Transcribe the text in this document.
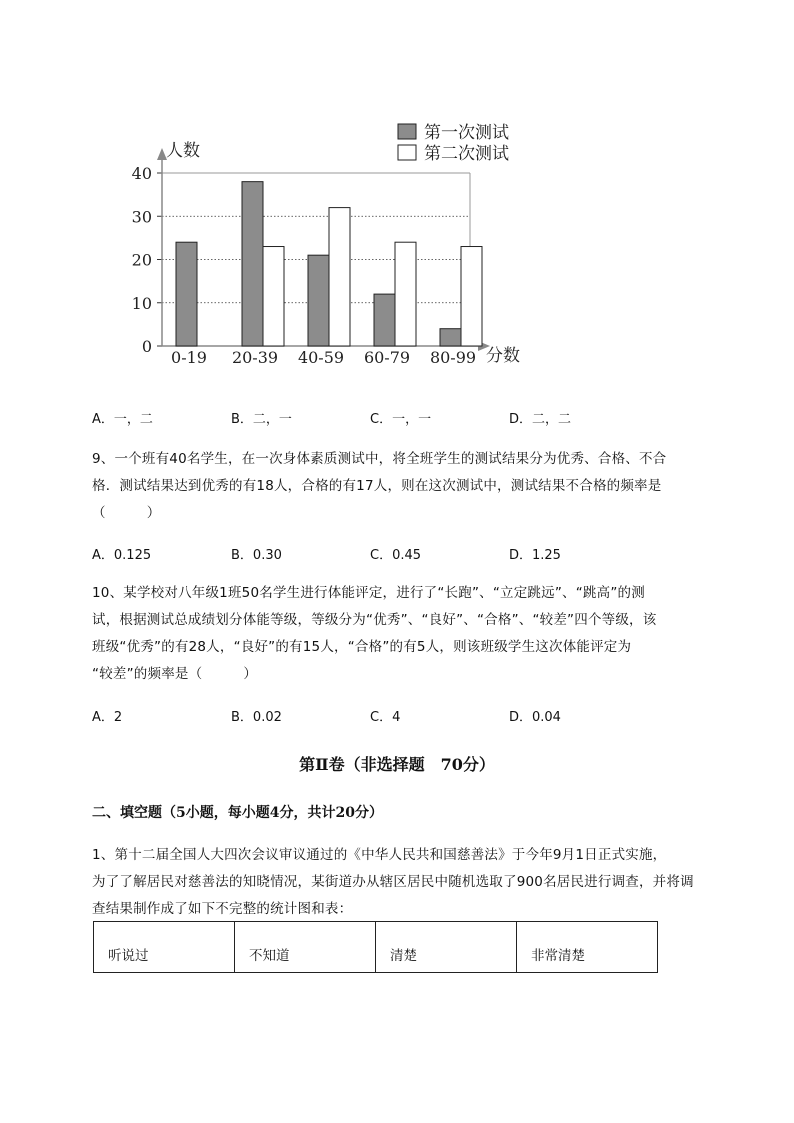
0
10
20
30
40
人数
分数
0-19 20-39 40-59 60-79 80-99
第一次测试
第二次测试
A．一，二	B．二，一	C．一，一	D．二，二

9、一个班有40名学生，在一次身体素质测试中，将全班学生的测试结果分为优秀、合格、不合

格．测试结果达到优秀的有18人，合格的有17人，则在这次测试中，测试结果不合格的频率是

（　　　）

A．0.125	B．0.30	C．0.45	D．1.25

10、某学校对八年级1班50名学生进行体能评定，进行了“长跑”、“立定跳远”、“跳高”的测

试，根据测试总成绩划分体能等级，等级分为“优秀”、“良好”、“合格”、“较差”四个等级，该

班级“优秀”的有28人，“良好”的有15人，“合格”的有5人，则该班级学生这次体能评定为

“较差”的频率是（　　　）

A．2	B．0.02	C．4	D．0.04
第Ⅱ卷（非选择题　70分）
二、填空题（5小题，每小题4分，共计20分）

1、第十二届全国人大四次会议审议通过的《中华人民共和国慈善法》于今年9月1日正式实施，

为了了解居民对慈善法的知晓情况，某街道办从辖区居民中随机选取了900名居民进行调查，并将调

查结果制作成了如下不完整的统计图和表：

听说过	不知道	清楚	非常清楚
